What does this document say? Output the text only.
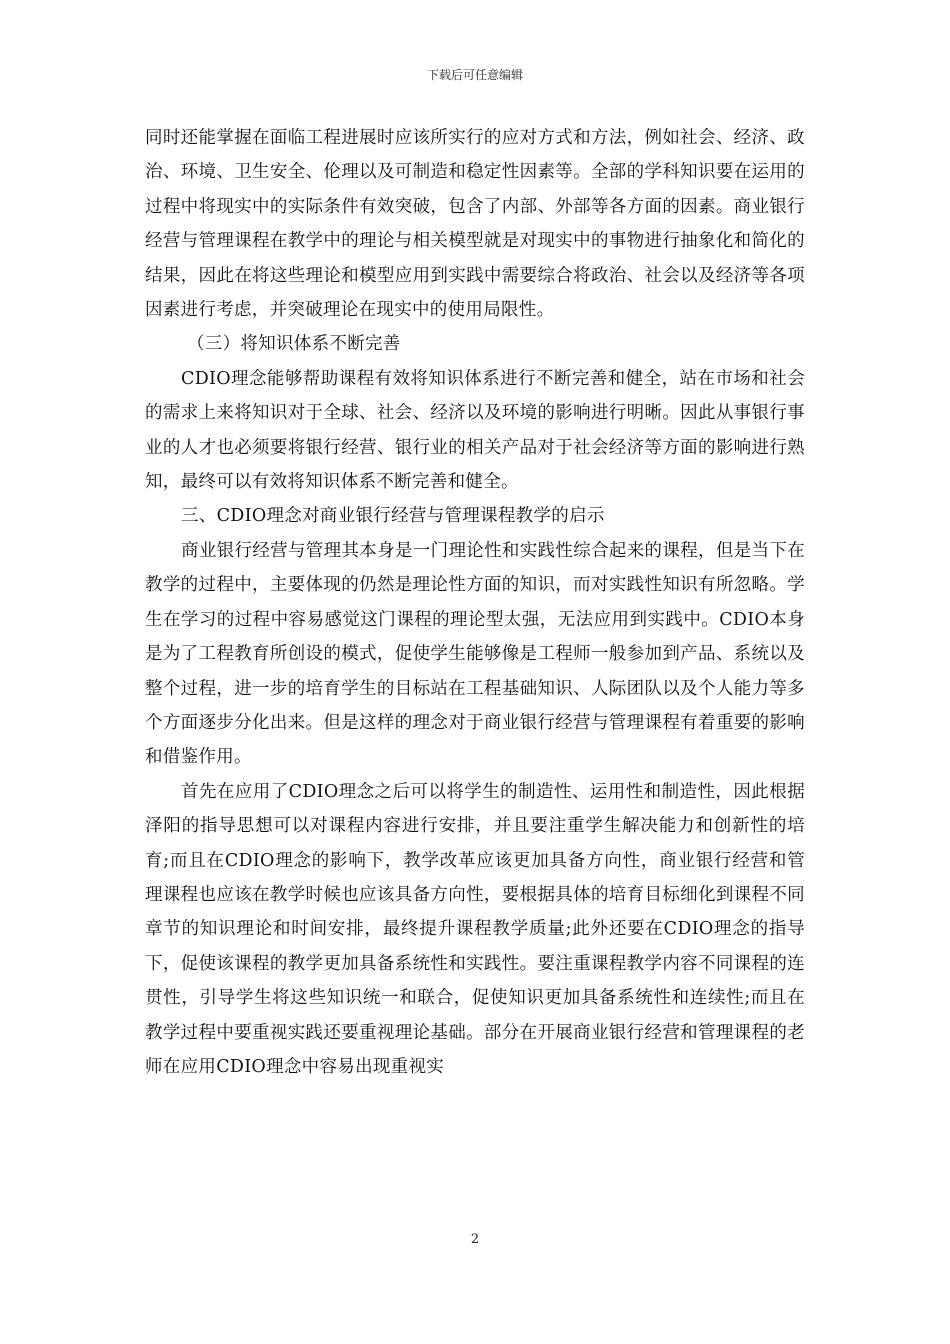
下载后可任意编辑

同时还能掌握在面临工程进展时应该所实行的应对方式和方法，例如社会、经济、政治、环境、卫生安全、伦理以及可制造和稳定性因素等。全部的学科知识要在运用的过程中将现实中的实际条件有效突破，包含了内部、外部等各方面的因素。商业银行经营与管理课程在教学中的理论与相关模型就是对现实中的事物进行抽象化和简化的结果，因此在将这些理论和模型应用到实践中需要综合将政治、社会以及经济等各项因素进行考虑，并突破理论在现实中的使用局限性。

（三）将知识体系不断完善

CDIO理念能够帮助课程有效将知识体系进行不断完善和健全，站在市场和社会的需求上来将知识对于全球、社会、经济以及环境的影响进行明晰。因此从事银行事业的人才也必须要将银行经营、银行业的相关产品对于社会经济等方面的影响进行熟知，最终可以有效将知识体系不断完善和健全。

三、CDIO理念对商业银行经营与管理课程教学的启示

商业银行经营与管理其本身是一门理论性和实践性综合起来的课程，但是当下在教学的过程中，主要体现的仍然是理论性方面的知识，而对实践性知识有所忽略。学生在学习的过程中容易感觉这门课程的理论型太强，无法应用到实践中。CDIO本身是为了工程教育所创设的模式，促使学生能够像是工程师一般参加到产品、系统以及整个过程，进一步的培育学生的目标站在工程基础知识、人际团队以及个人能力等多个方面逐步分化出来。但是这样的理念对于商业银行经营与管理课程有着重要的影响和借鉴作用。

首先在应用了CDIO理念之后可以将学生的制造性、运用性和制造性，因此根据泽阳的指导思想可以对课程内容进行安排，并且要注重学生解决能力和创新性的培育;而且在CDIO理念的影响下，教学改革应该更加具备方向性，商业银行经营和管理课程也应该在教学时候也应该具备方向性，要根据具体的培育目标细化到课程不同章节的知识理论和时间安排，最终提升课程教学质量;此外还要在CDIO理念的指导下，促使该课程的教学更加具备系统性和实践性。要注重课程教学内容不同课程的连贯性，引导学生将这些知识统一和联合，促使知识更加具备系统性和连续性;而且在教学过程中要重视实践还要重视理论基础。部分在开展商业银行经营和管理课程的老师在应用CDIO理念中容易出现重视实

2
